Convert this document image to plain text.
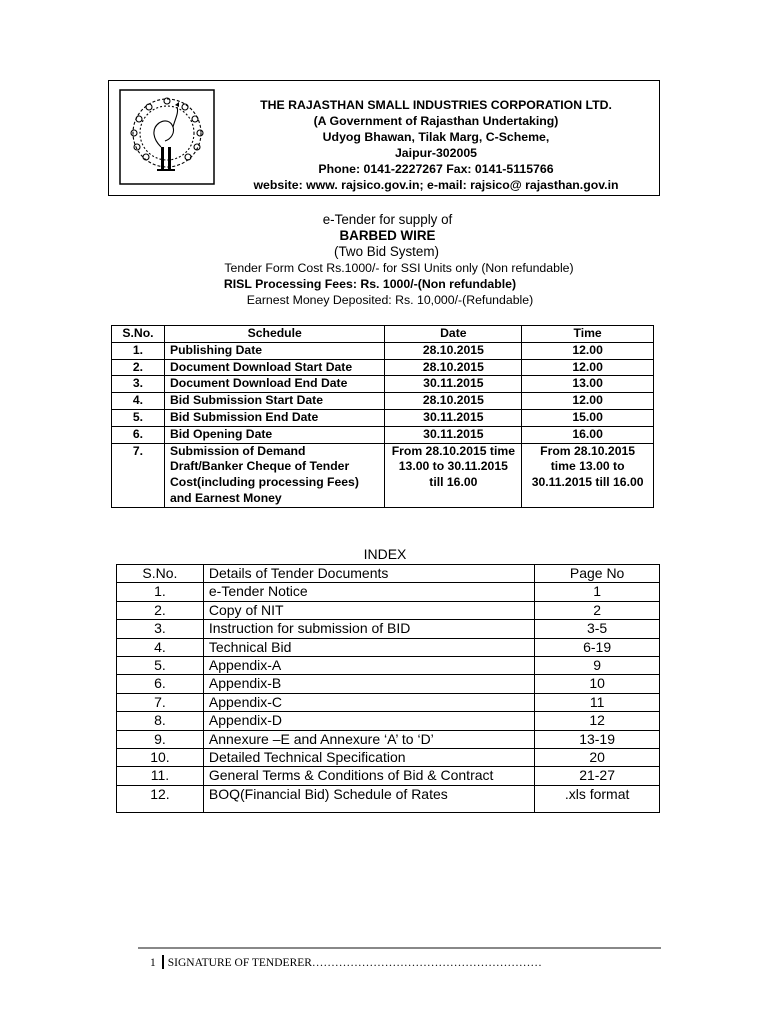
THE RAJASTHAN SMALL INDUSTRIES CORPORATION LTD.
(A Government of Rajasthan Undertaking)
Udyog Bhawan, Tilak Marg, C-Scheme,
Jaipur-302005
Phone: 0141-2227267 Fax: 0141-5115766
website: www. rajsico.gov.in; e-mail: rajsico@ rajasthan.gov.in
e-Tender for supply of
BARBED WIRE
(Two Bid System)
Tender Form Cost Rs.1000/- for SSI Units only (Non refundable)
RISL Processing Fees: Rs. 1000/-(Non refundable)
Earnest Money Deposited: Rs. 10,000/-(Refundable)
S.No.	Schedule	Date	Time
1.	Publishing Date	28.10.2015	12.00
2.	Document Download Start Date	28.10.2015	12.00
3.	Document Download End Date	30.11.2015	13.00
4.	Bid Submission Start Date	28.10.2015	12.00
5.	Bid Submission End Date	30.11.2015	15.00
6.	Bid Opening Date	30.11.2015	16.00
7.	Submission of Demand Draft/Banker Cheque of Tender Cost(including processing Fees) and Earnest Money	From 28.10.2015 time 13.00 to 30.11.2015 till 16.00	From 28.10.2015 time 13.00 to 30.11.2015 till 16.00
INDEX
S.No.	Details of Tender Documents	Page No
1.	e-Tender Notice	1
2.	Copy of NIT	2
3.	Instruction for submission of BID	3-5
4.	Technical Bid	6-19
5.	Appendix-A	9
6.	Appendix-B	10
7.	Appendix-C	11
8.	Appendix-D	12
9.	Annexure –E and Annexure ‘A’ to ‘D’	13-19
10.	Detailed Technical Specification	20
11.	General Terms & Conditions of Bid & Contract	21-27
12.	BOQ(Financial Bid) Schedule of Rates	.xls format
1 SIGNATURE OF TENDERER……………………………………………………
